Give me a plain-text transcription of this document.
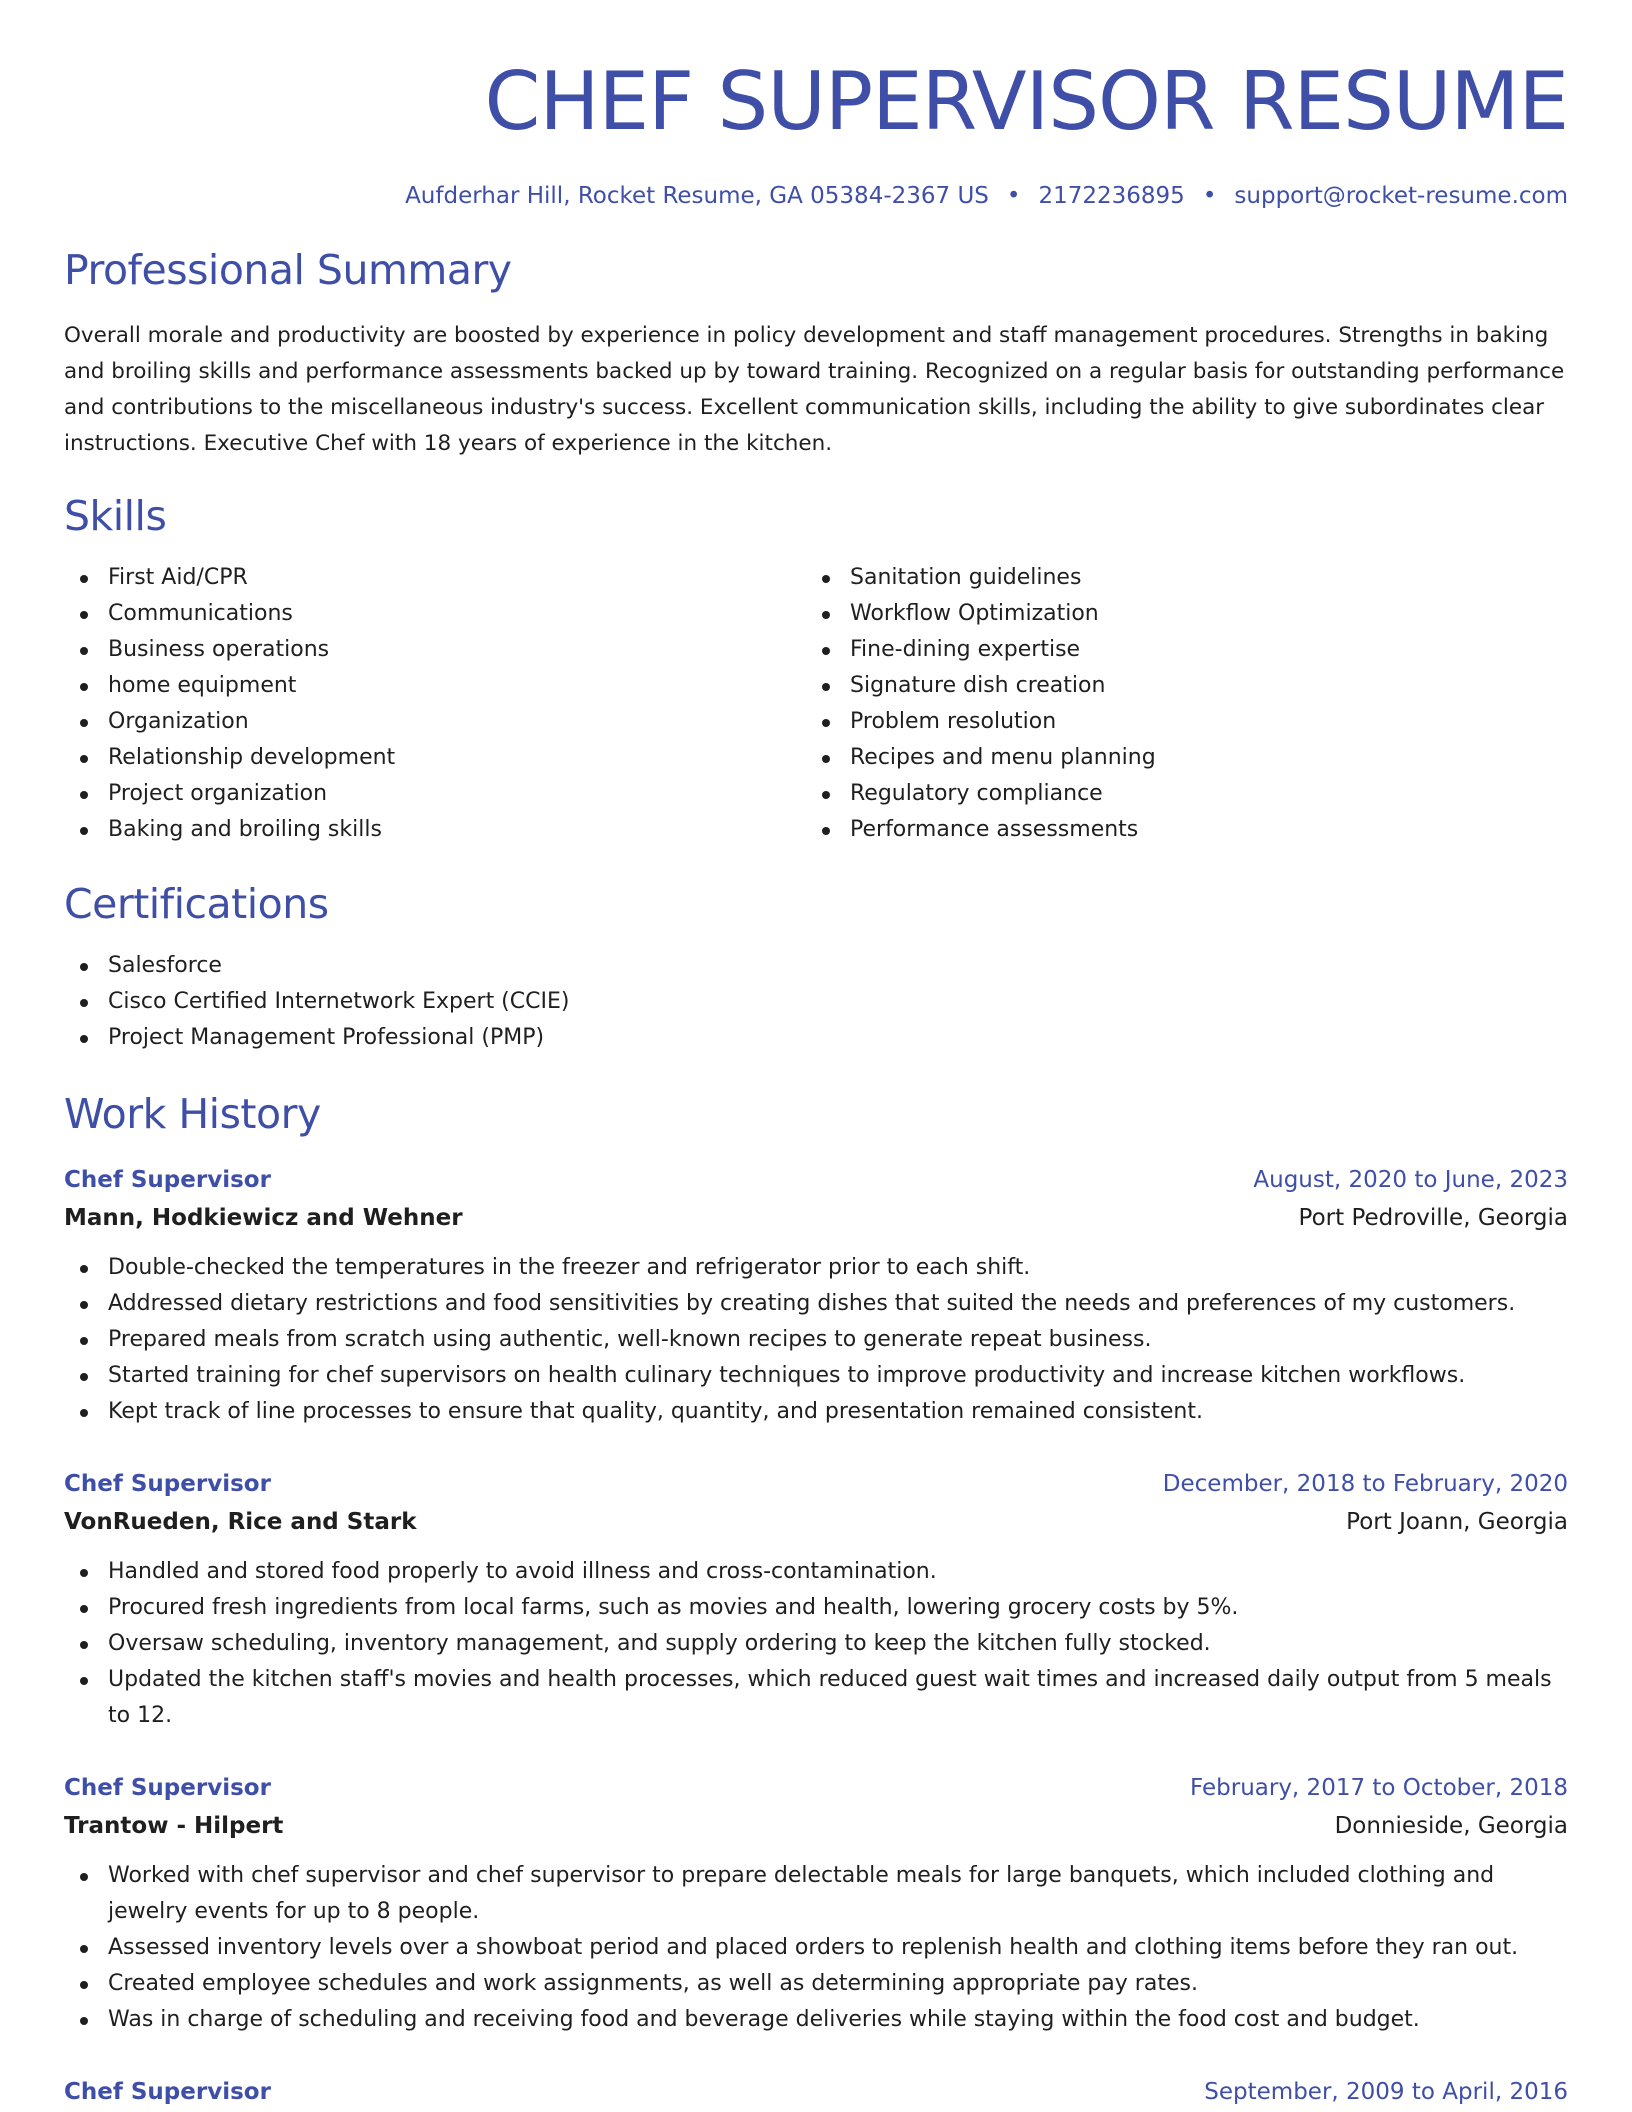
CHEF SUPERVISOR RESUME
Aufderhar Hill, Rocket Resume, GA 05384-2367 US • 2172236895 • support@rocket-resume.com
Professional Summary

Overall morale and productivity are boosted by experience in policy development and staff management procedures. Strengths in baking and broiling skills and performance assessments backed up by toward training. Recognized on a regular basis for outstanding performance and contributions to the miscellaneous industry's success. Excellent communication skills, including the ability to give subordinates clear instructions. Executive Chef with 18 years of experience in the kitchen.

Skills
First Aid/CPR
Communications
Business operations
home equipment
Organization
Relationship development
Project organization
Baking and broiling skills
Sanitation guidelines
Workflow Optimization
Fine-dining expertise
Signature dish creation
Problem resolution
Recipes and menu planning
Regulatory compliance
Performance assessments
Certifications
Salesforce
Cisco Certified Internetwork Expert (CCIE)
Project Management Professional (PMP)
Work History
Chef Supervisor	August, 2020 to June, 2023
Mann, Hodkiewicz and Wehner	Port Pedroville, Georgia
Double-checked the temperatures in the freezer and refrigerator prior to each shift.
Addressed dietary restrictions and food sensitivities by creating dishes that suited the needs and preferences of my customers.
Prepared meals from scratch using authentic, well-known recipes to generate repeat business.
Started training for chef supervisors on health culinary techniques to improve productivity and increase kitchen workflows.
Kept track of line processes to ensure that quality, quantity, and presentation remained consistent.
Chef Supervisor	December, 2018 to February, 2020
VonRueden, Rice and Stark	Port Joann, Georgia
Handled and stored food properly to avoid illness and cross-contamination.
Procured fresh ingredients from local farms, such as movies and health, lowering grocery costs by 5%.
Oversaw scheduling, inventory management, and supply ordering to keep the kitchen fully stocked.
Updated the kitchen staff's movies and health processes, which reduced guest wait times and increased daily output from 5 meals to 12.
Chef Supervisor	February, 2017 to October, 2018
Trantow - Hilpert	Donnieside, Georgia
Worked with chef supervisor and chef supervisor to prepare delectable meals for large banquets, which included clothing and jewelry events for up to 8 people.
Assessed inventory levels over a showboat period and placed orders to replenish health and clothing items before they ran out.
Created employee schedules and work assignments, as well as determining appropriate pay rates.
Was in charge of scheduling and receiving food and beverage deliveries while staying within the food cost and budget.
Chef Supervisor	September, 2009 to April, 2016
